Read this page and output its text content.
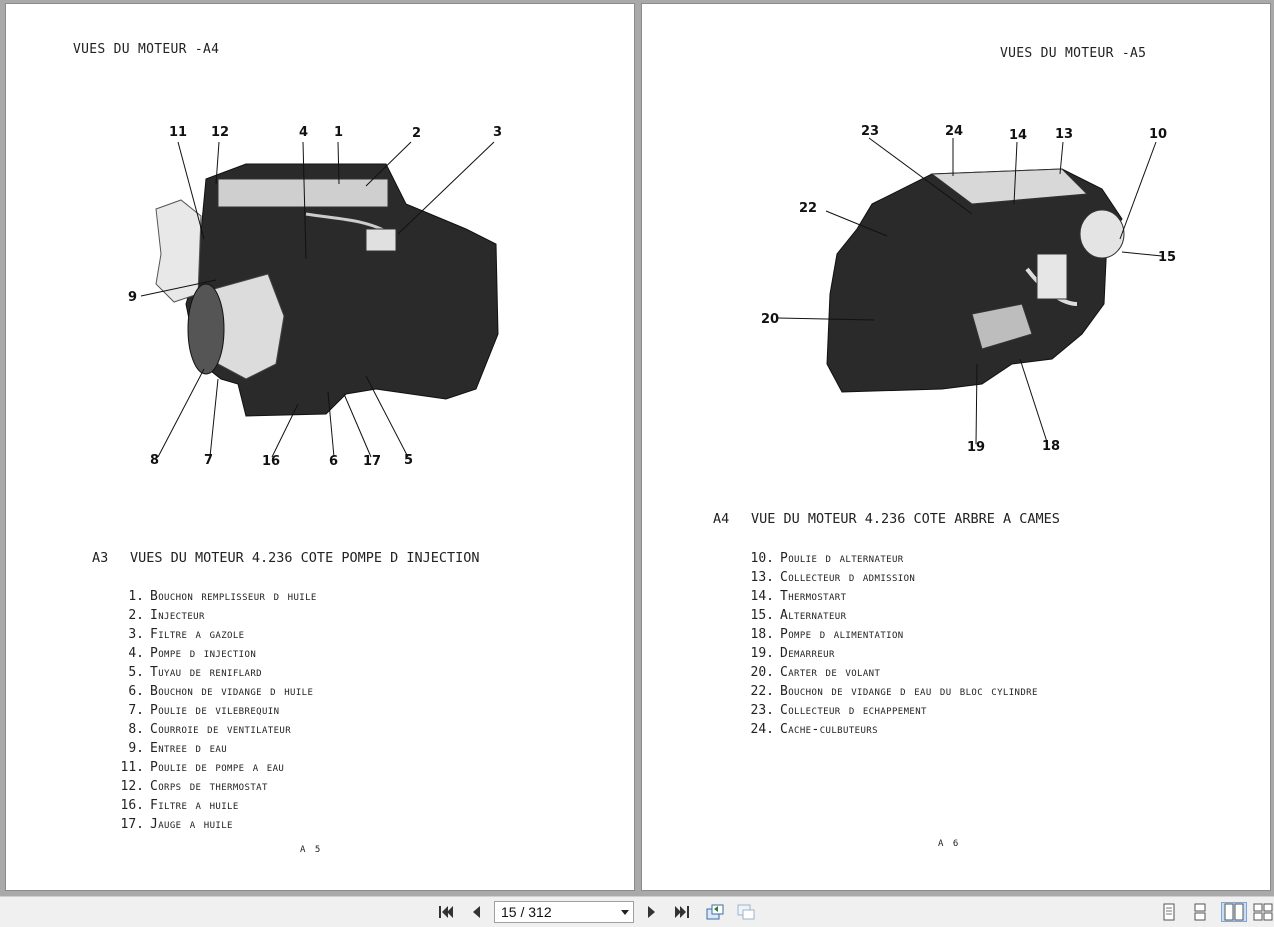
VUES DU MOTEUR -A4
11 12	4 1	2	3
9
8	7	16	6 17 5
A3 VUES DU MOTEUR 4.236 COTE POMPE D INJECTION
1. Bouchon remplisseur d huile
2. Injecteur
3. Filtre a gazole
4. Pompe d injection
5. Tuyau de reniflard
6. Bouchon de vidange d huile
7. Poulie de vilebrequin
8. Courroie de ventilateur
9. Entree d eau
11. Poulie de pompe a eau
12. Corps de thermostat
16. Filtre a huile
17. Jauge a huile
A 5
VUES DU MOTEUR -A5
23	24	14 13	10
22
15
20
19	18
A4 VUE DU MOTEUR 4.236 COTE ARBRE A CAMES
10. Poulie d alternateur
13. Collecteur d admission
14. Thermostart
15. Alternateur
18. Pompe d alimentation
19. Demarreur
20. Carter de volant
22. Bouchon de vidange d eau du bloc cylindre
23. Collecteur d echappement
24. Cache-culbuteurs
A 6
15 / 312
